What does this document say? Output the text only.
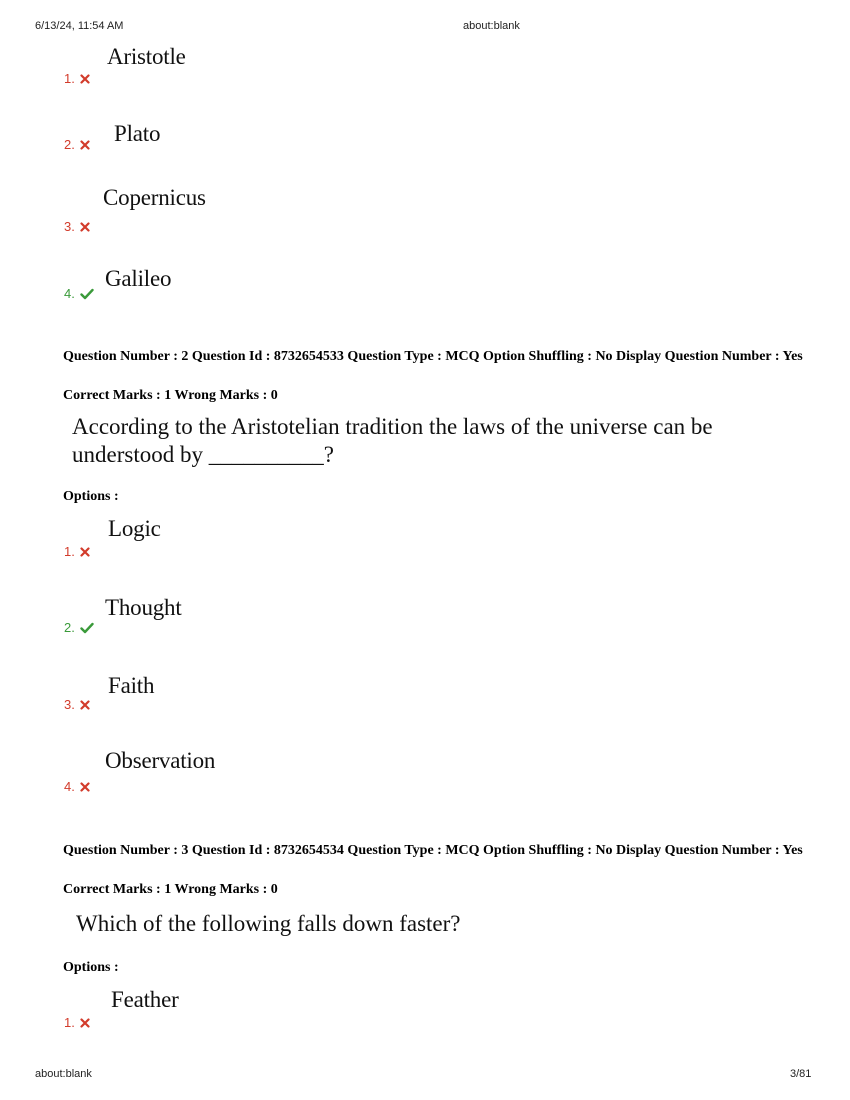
6/13/24, 11:54 AM	about:blank
Aristotle
1.
Plato
2.
Copernicus
3.
Galileo
4.
Question Number : 2 Question Id : 8732654533 Question Type : MCQ Option Shuffling : No Display Question Number : Yes
Correct Marks : 1 Wrong Marks : 0
According to the Aristotelian tradition the laws of the universe can be understood by __________?
Options :
Logic
1.
Thought
2.
Faith
3.
Observation
4.
Question Number : 3 Question Id : 8732654534 Question Type : MCQ Option Shuffling : No Display Question Number : Yes
Correct Marks : 1 Wrong Marks : 0
Which of the following falls down faster?
Options :
Feather
1.
about:blank	3/81
